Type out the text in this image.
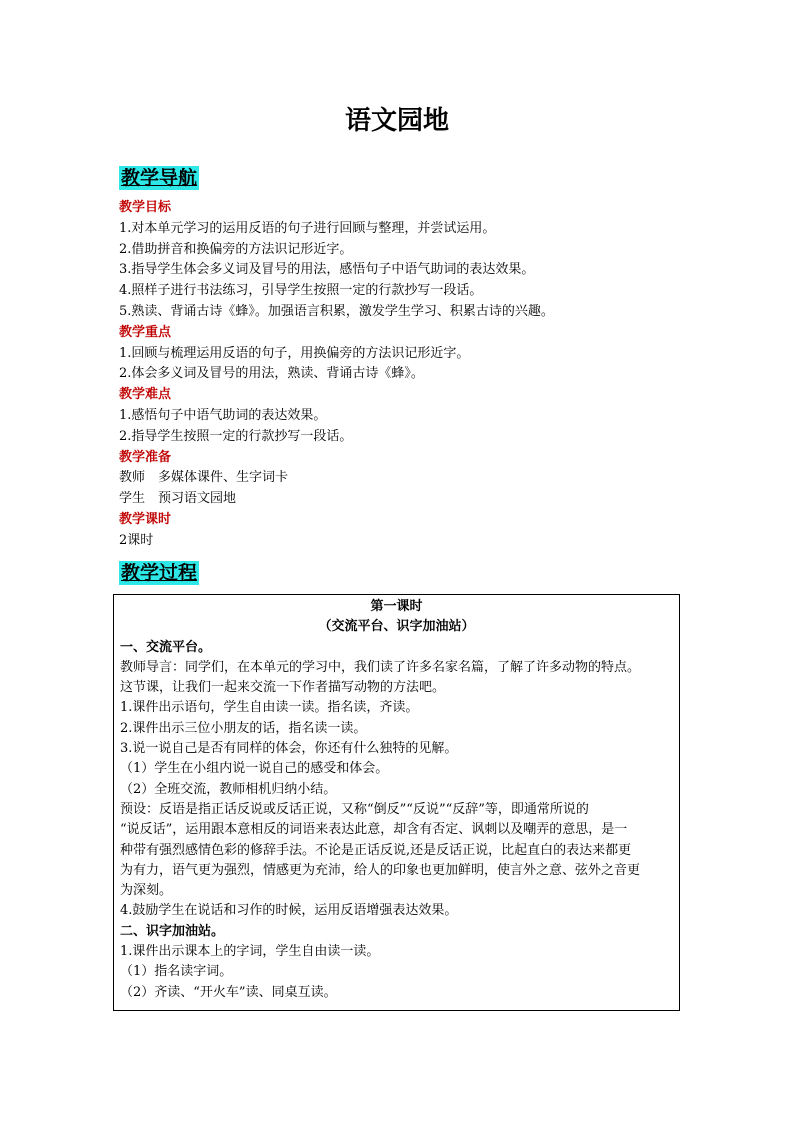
语文园地
教学导航
教学目标
1.对本单元学习的运用反语的句子进行回顾与整理，并尝试运用。
2.借助拼音和换偏旁的方法识记形近字。
3.指导学生体会多义词及冒号的用法，感悟句子中语气助词的表达效果。
4.照样子进行书法练习，引导学生按照一定的行款抄写一段话。
5.熟读、背诵古诗《蜂》。加强语言积累，激发学生学习、积累古诗的兴趣。
教学重点
1.回顾与梳理运用反语的句子，用换偏旁的方法识记形近字。
2.体会多义词及冒号的用法，熟读、背诵古诗《蜂》。
教学难点
1.感悟句子中语气助词的表达效果。
2.指导学生按照一定的行款抄写一段话。
教学准备
教师　多媒体课件、生字词卡
学生　预习语文园地
教学课时
2课时
教学过程
第一课时
（交流平台、识字加油站）
一、交流平台。
教师导言：同学们，在本单元的学习中，我们读了许多名家名篇，了解了许多动物的特点。
这节课，让我们一起来交流一下作者描写动物的方法吧。
1.课件出示语句，学生自由读一读。指名读，齐读。
2.课件出示三位小朋友的话，指名读一读。
3.说一说自己是否有同样的体会，你还有什么独特的见解。
（1）学生在小组内说一说自己的感受和体会。
（2）全班交流，教师相机归纳小结。
预设：反语是指正话反说或反话正说，又称“倒反”“反说”“反辞”等，即通常所说的
“说反话”，运用跟本意相反的词语来表达此意，却含有否定、讽刺以及嘲弄的意思，是一
种带有强烈感情色彩的修辞手法。不论是正话反说,还是反话正说，比起直白的表达来都更
为有力，语气更为强烈，情感更为充沛，给人的印象也更加鲜明，使言外之意、弦外之音更
为深刻。
4.鼓励学生在说话和习作的时候，运用反语增强表达效果。
二、识字加油站。
1.课件出示课本上的字词，学生自由读一读。
（1）指名读字词。
（2）齐读、“开火车”读、同桌互读。
